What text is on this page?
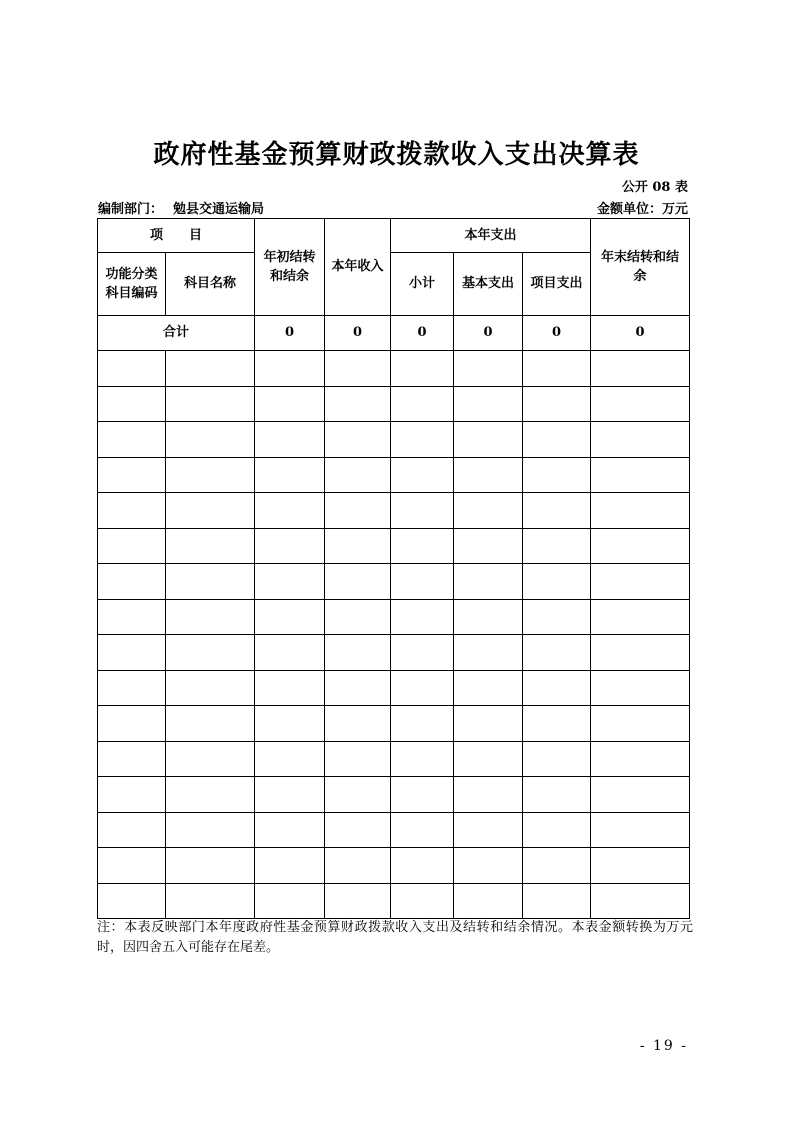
政府性基金预算财政拨款收入支出决算表
公开 08 表
编制部门： 勉县交通运输局	金额单位：万元
项　　目		年初结转和结余	本年收入	本年支出			年末结转和结余

功能分类科目编码	科目名称			小计	基本支出	项目支出	
合计		0	0	0	0	0	0

注：本表反映部门本年度政府性基金预算财政拨款收入支出及结转和结余情况。本表金额转换为万元时，因四舍五入可能存在尾差。
- 19 -
